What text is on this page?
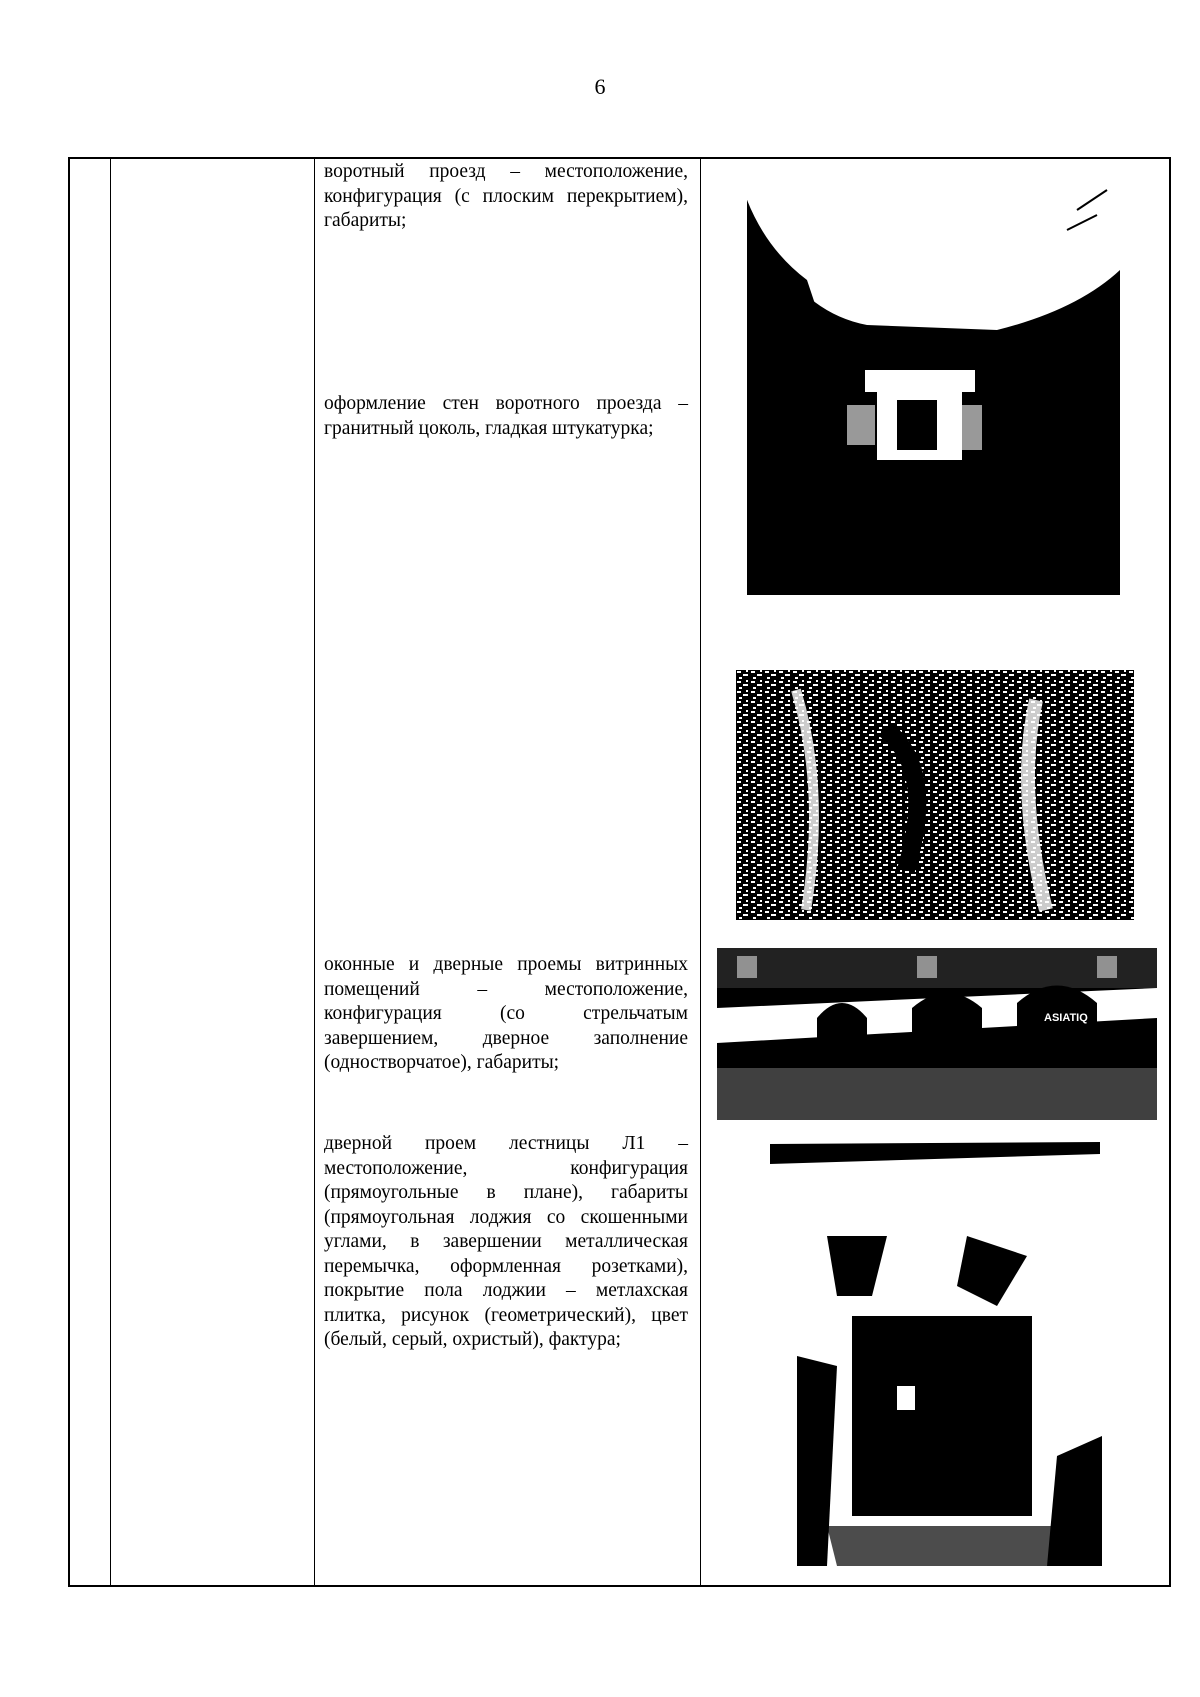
6

воротный проезд – местоположение, конфигурация (с плоским перекрытием), габариты;

оформление стен воротного проезда – гранитный цоколь, гладкая штукатурка;

оконные и дверные проемы витринных помещений – местоположение, конфигурация (со стрельчатым завершением, дверное заполнение (одностворчатое), габариты;

дверной проем лестницы Л1 – местоположение, конфигурация (прямоугольные в плане), габариты (прямоугольная лоджия со скошенными углами, в завершении металлическая перемычка, оформленная розетками), покрытие пола лоджии – метлахская плитка, рисунок (геометрический), цвет (белый, серый, охристый), фактура;

ASIATIQ
